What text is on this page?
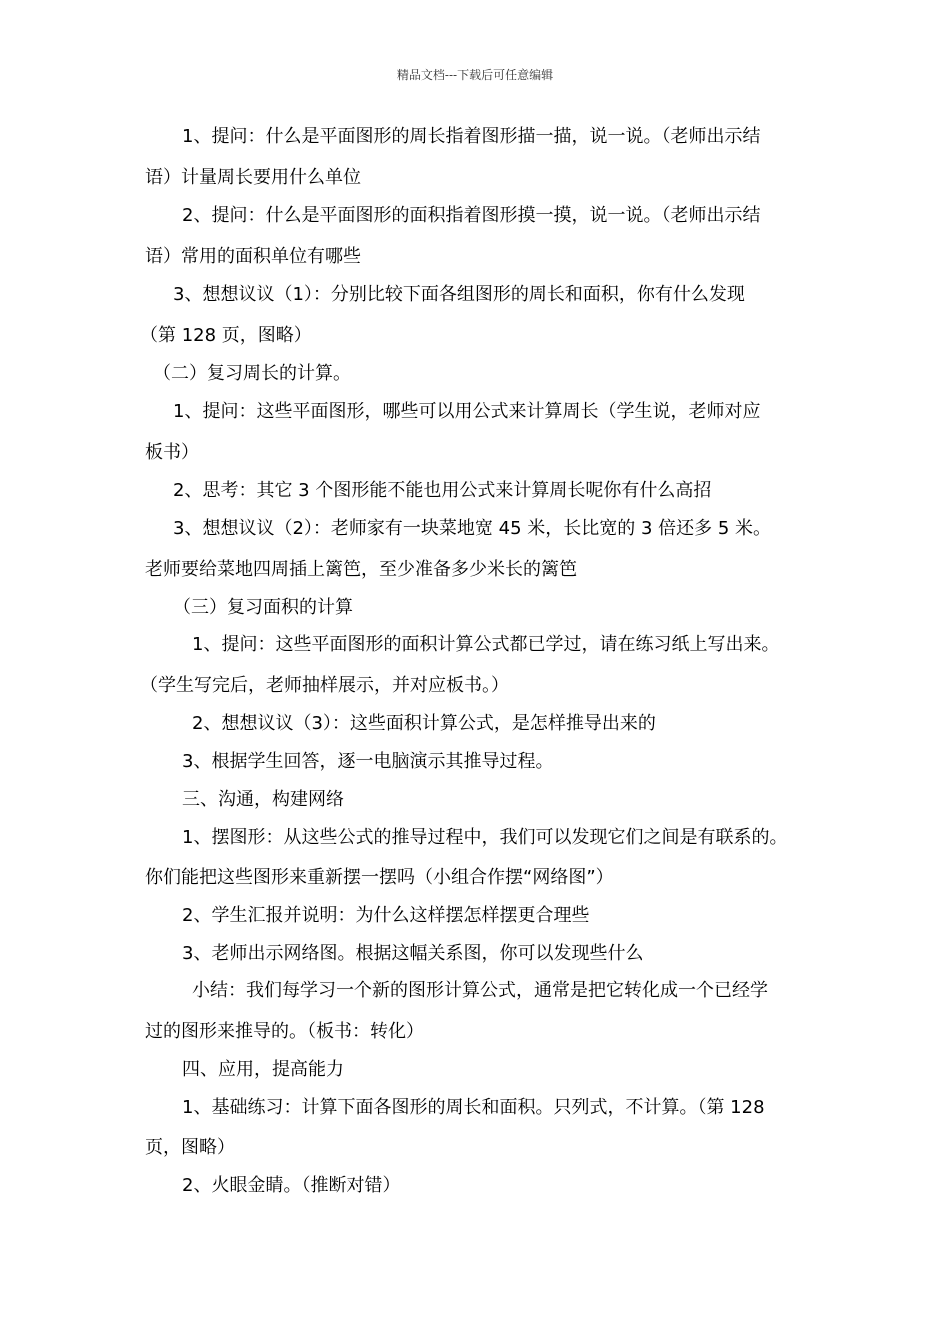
精品文档---下载后可任意编辑
1、提问：什么是平面图形的周长指着图形描一描，说一说。（老师出示结
语）计量周长要用什么单位
2、提问：什么是平面图形的面积指着图形摸一摸，说一说。（老师出示结
语）常用的面积单位有哪些
3、想想议议（1）：分别比较下面各组图形的周长和面积，你有什么发现
（第 128 页，图略）
（二）复习周长的计算。
1、提问：这些平面图形，哪些可以用公式来计算周长（学生说，老师对应
板书）
2、思考：其它 3 个图形能不能也用公式来计算周长呢你有什么高招
3、想想议议（2）：老师家有一块菜地宽 45 米，长比宽的 3 倍还多 5 米。
老师要给菜地四周插上篱笆，至少准备多少米长的篱笆
（三）复习面积的计算
1、提问：这些平面图形的面积计算公式都已学过，请在练习纸上写出来。
（学生写完后，老师抽样展示，并对应板书。）
2、想想议议（3）：这些面积计算公式，是怎样推导出来的
3、根据学生回答，逐一电脑演示其推导过程。
三、沟通，构建网络
1、摆图形：从这些公式的推导过程中，我们可以发现它们之间是有联系的。
你们能把这些图形来重新摆一摆吗（小组合作摆“网络图”）
2、学生汇报并说明：为什么这样摆怎样摆更合理些
3、老师出示网络图。根据这幅关系图，你可以发现些什么
小结：我们每学习一个新的图形计算公式，通常是把它转化成一个已经学
过的图形来推导的。（板书：转化）
四、应用，提高能力
1、基础练习：计算下面各图形的周长和面积。只列式，不计算。（第 128
页，图略）
2、火眼金睛。（推断对错）
